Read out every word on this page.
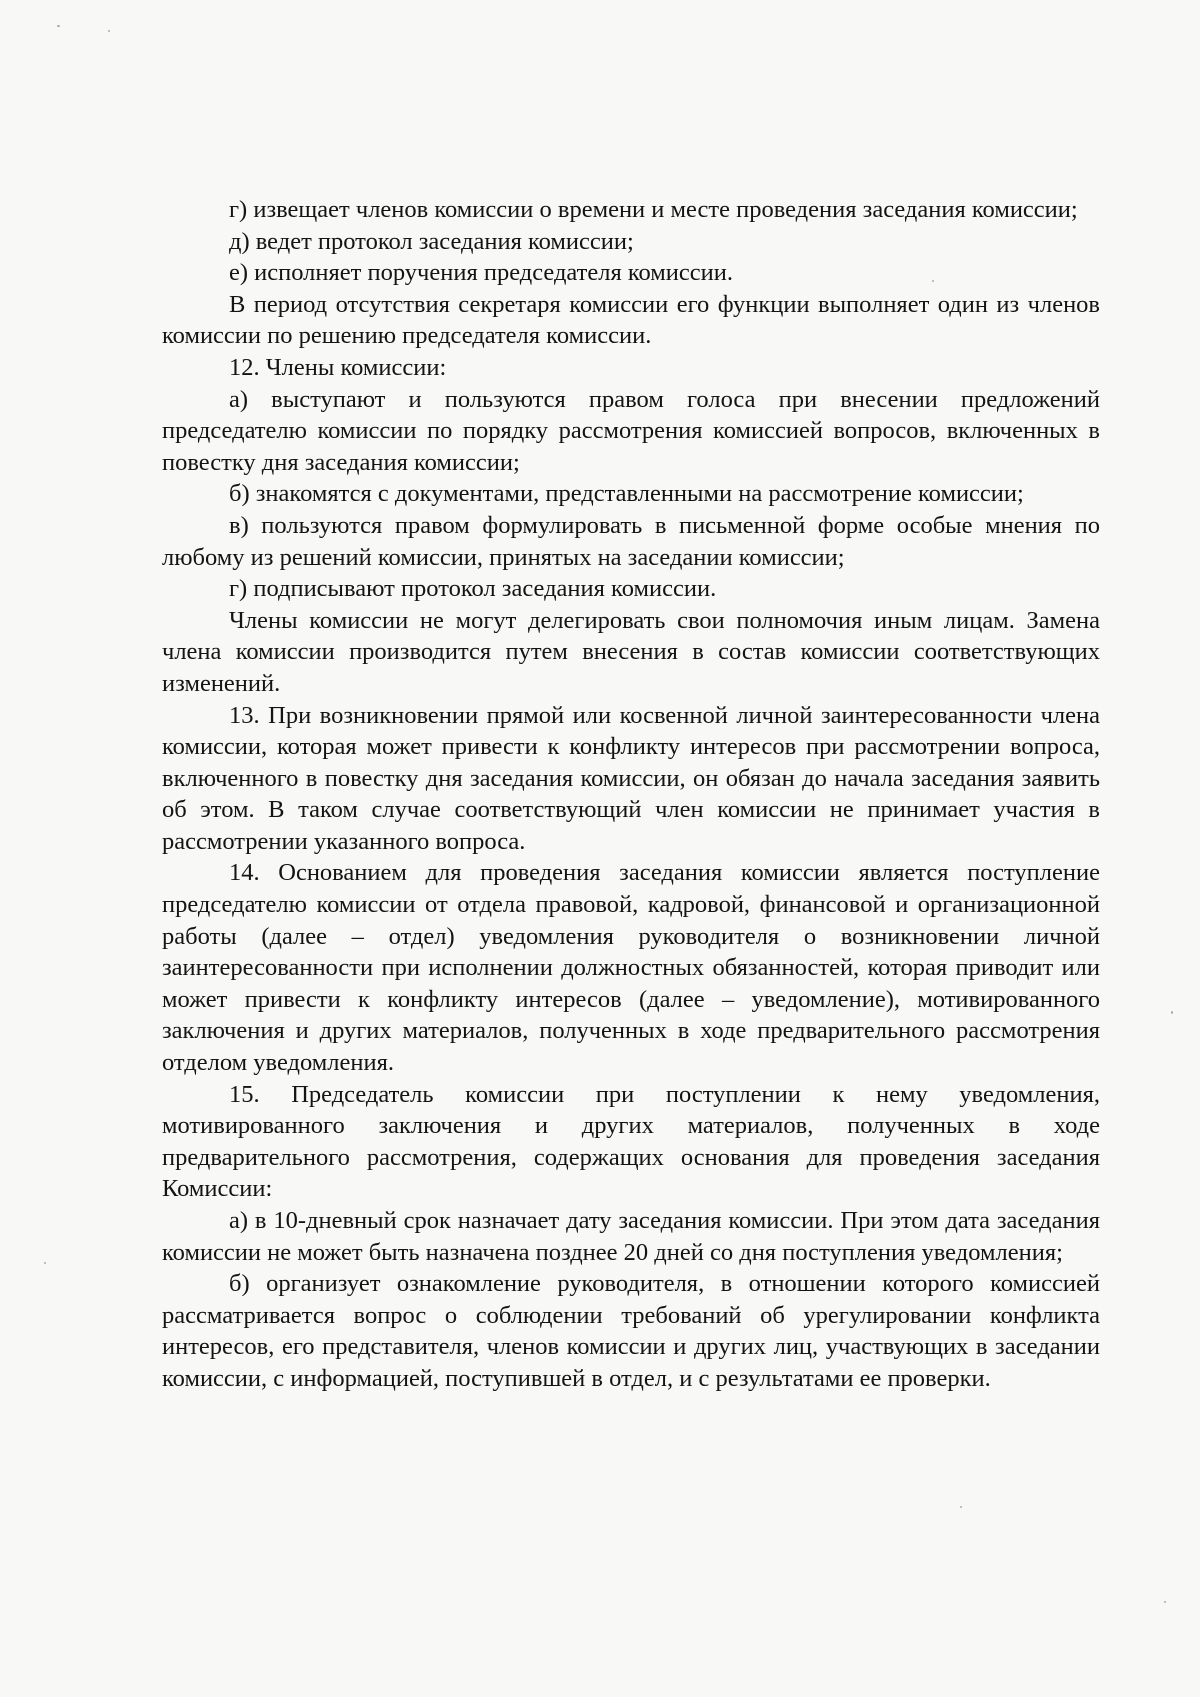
г) извещает членов комиссии о времени и месте проведения заседания комиссии;

д) ведет протокол заседания комиссии;

е) исполняет поручения председателя комиссии.

В период отсутствия секретаря комиссии его функции выполняет один из членов комиссии по решению председателя комиссии.

12. Члены комиссии:

а) выступают и пользуются правом голоса при внесении предложений председателю комиссии по порядку рассмотрения комиссией вопросов, включенных в повестку дня заседания комиссии;

б) знакомятся с документами, представленными на рассмотрение комиссии;

в) пользуются правом формулировать в письменной форме особые мнения по любому из решений комиссии, принятых на заседании комиссии;

г) подписывают протокол заседания комиссии.

Члены комиссии не могут делегировать свои полномочия иным лицам. Замена члена комиссии производится путем внесения в состав комиссии соответствующих изменений.

13. При возникновении прямой или косвенной личной заинтересованности члена комиссии, которая может привести к конфликту интересов при рассмотрении вопроса, включенного в повестку дня заседания комиссии, он обязан до начала заседания заявить об этом. В таком случае соответствующий член комиссии не принимает участия в рассмотрении указанного вопроса.

14. Основанием для проведения заседания комиссии является поступление председателю комиссии от отдела правовой, кадровой, финансовой и организационной работы (далее – отдел) уведомления руководителя о возникновении личной заинтересованности при исполнении должностных обязанностей, которая приводит или может привести к конфликту интересов (далее – уведомление), мотивированного заключения и других материалов, полученных в ходе предварительного рассмотрения отделом уведомления.

15. Председатель комиссии при поступлении к нему уведомления, мотивированного заключения и других материалов, полученных в ходе предварительного рассмотрения, содержащих основания для проведения заседания Комиссии:

а) в 10-дневный срок назначает дату заседания комиссии. При этом дата заседания комиссии не может быть назначена позднее 20 дней со дня поступления уведомления;

б) организует ознакомление руководителя, в отношении которого комиссией рассматривается вопрос о соблюдении требований об урегулировании конфликта интересов, его представителя, членов комиссии и других лиц, участвующих в заседании комиссии, с информацией, поступившей в отдел, и с результатами ее проверки.
